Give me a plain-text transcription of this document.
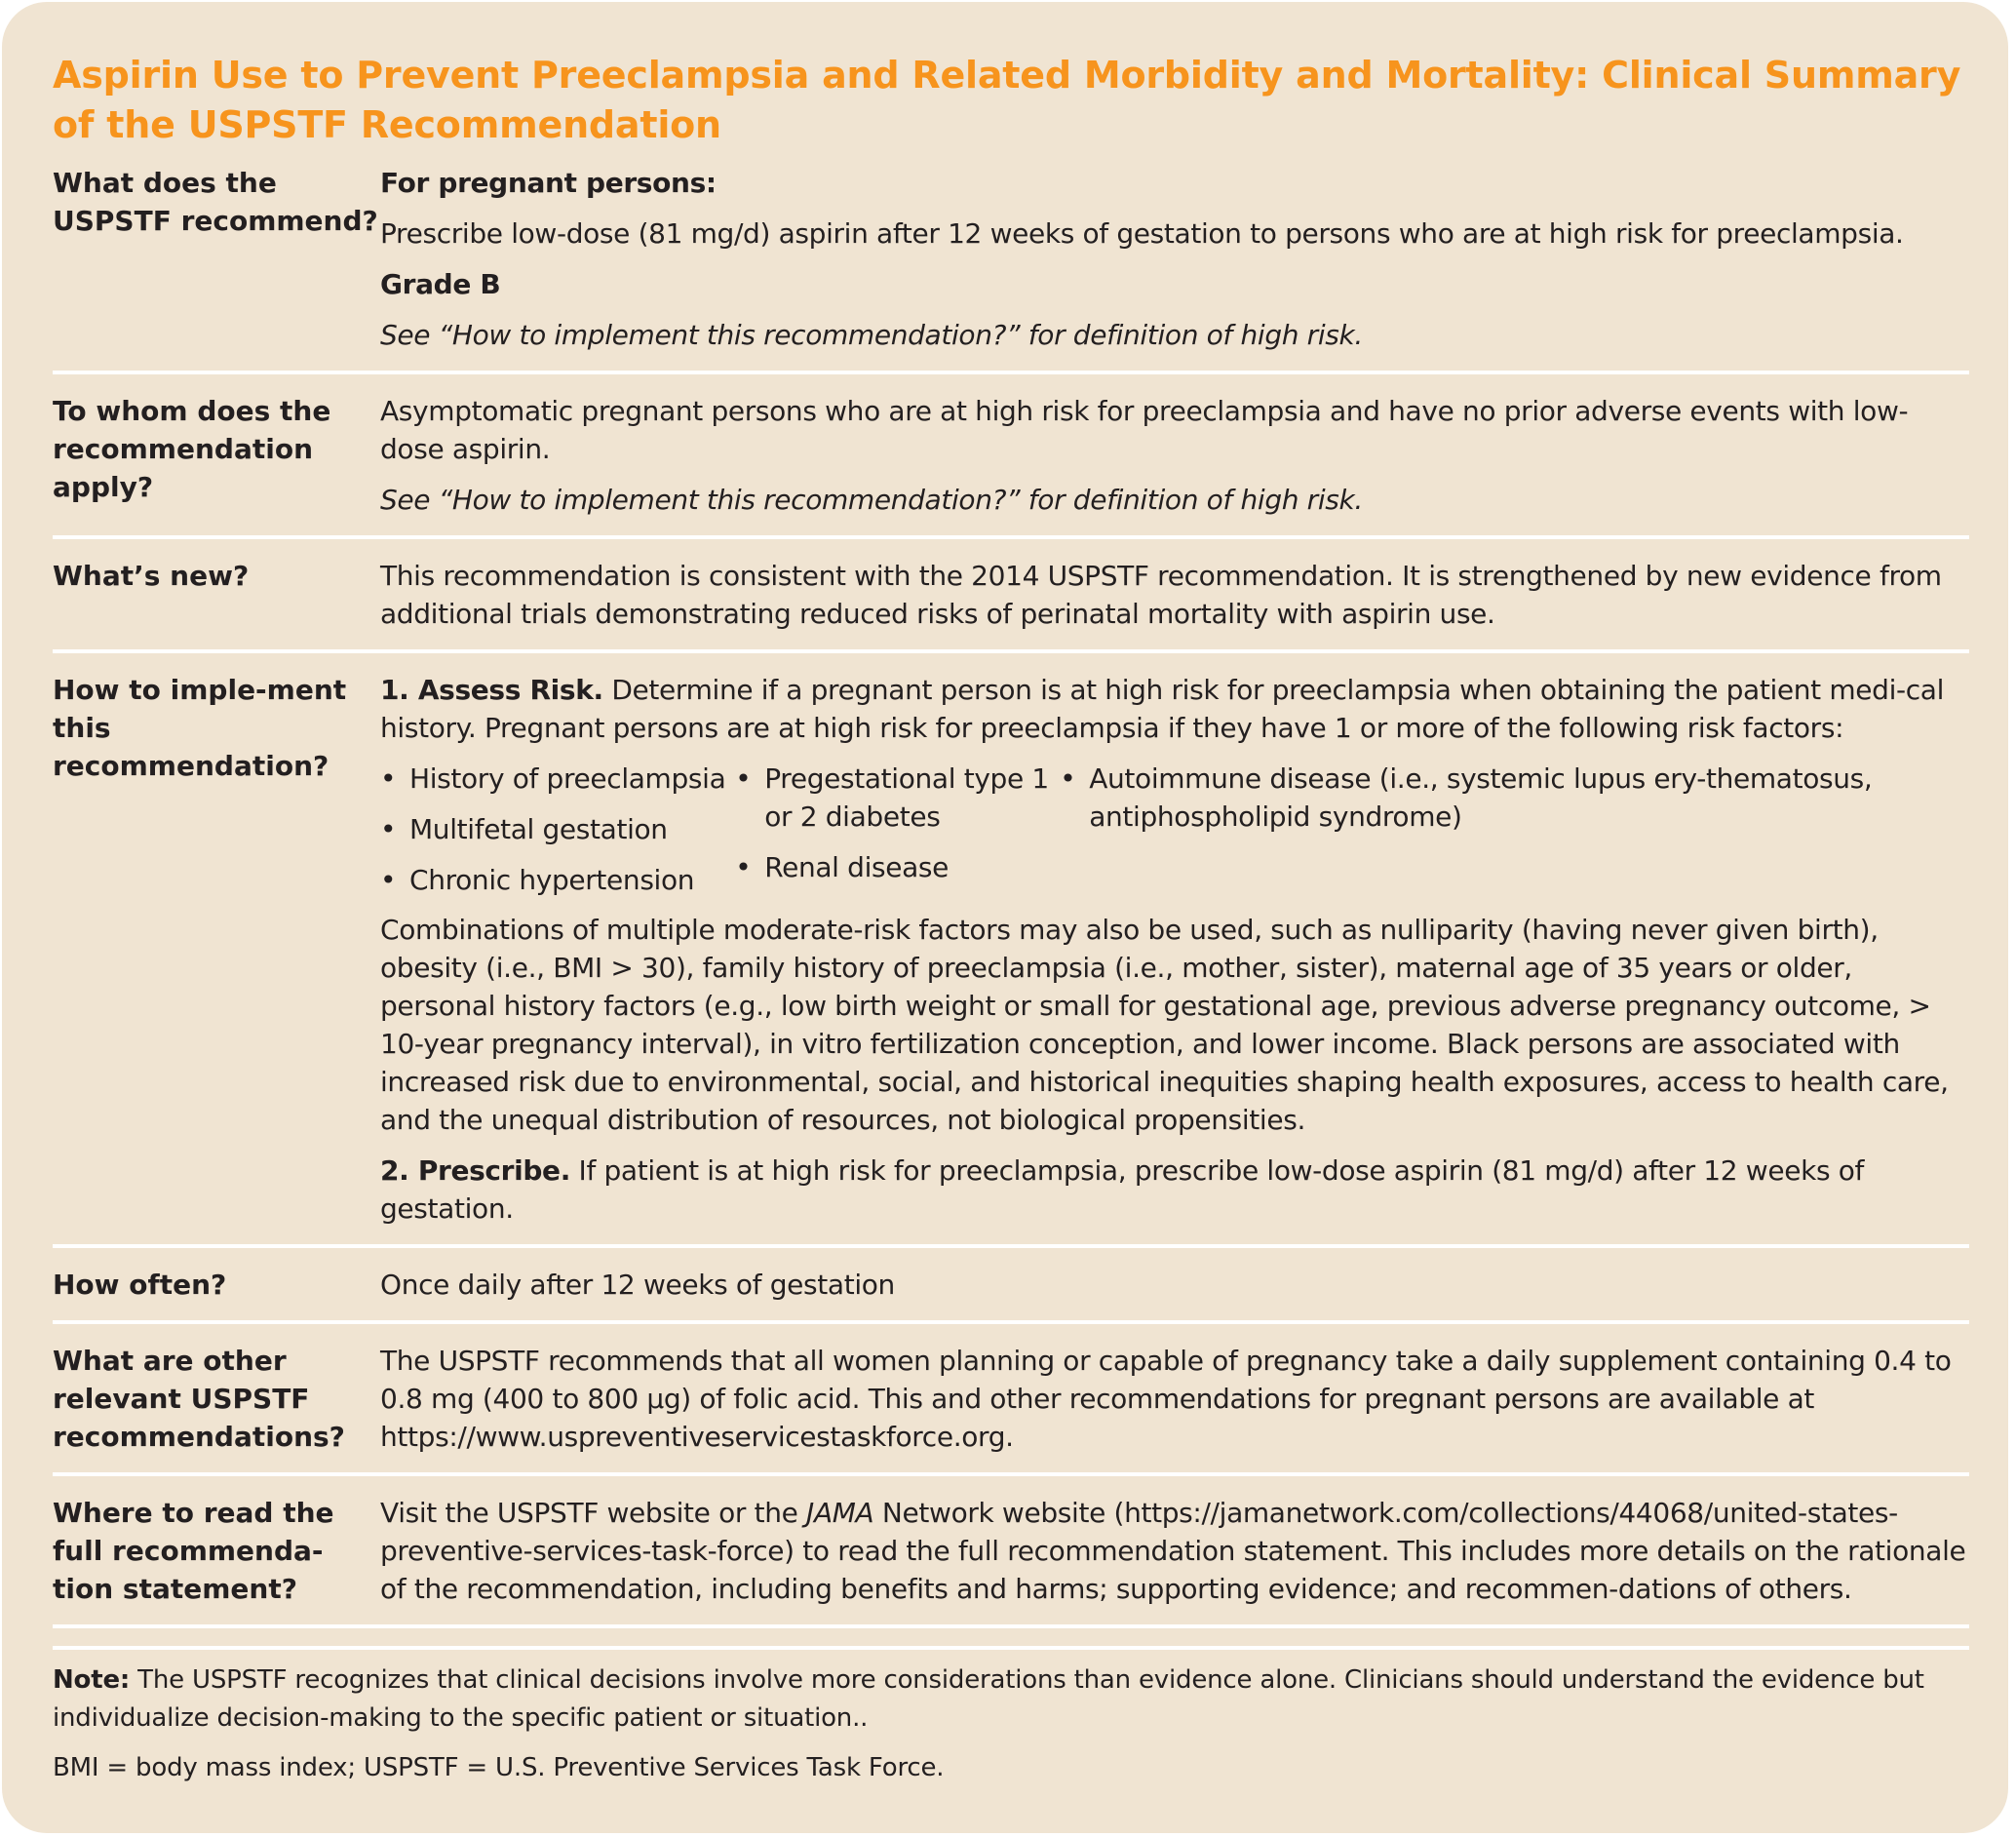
Aspirin Use to Prevent Preeclampsia and Related Morbidity and Mortality: Clinical Summary of the USPSTF Recommendation
What does the USPSTF recommend?

For pregnant persons:

Prescribe low-dose (81 mg/d) aspirin after 12 weeks of gestation to persons who are at high risk for preeclampsia.

Grade B

See “How to implement this recommendation?” for definition of high risk.

To whom does the recommendation apply?

Asymptomatic pregnant persons who are at high risk for preeclampsia and have no prior adverse events with low-dose aspirin.

See “How to implement this recommendation?” for definition of high risk.

What’s new?	This recommendation is consistent with the 2014 USPSTF recommendation. It is strengthened by new evidence from additional trials demonstrating reduced risks of perinatal mortality with aspirin use.

How to imple-ment this recommendation?

1. Assess Risk. Determine if a pregnant person is at high risk for preeclampsia when obtaining the patient medi-cal history. Pregnant persons are at high risk for preeclampsia if they have 1 or more of the following risk factors:

• History of preeclampsia
• Multifetal gestation
• Chronic hypertension
• Pregestational type 1 or 2 diabetes
• Renal disease
• Autoimmune disease (i.e., systemic lupus ery-thematosus, antiphospholipid syndrome)

Combinations of multiple moderate-risk factors may also be used, such as nulliparity (having never given birth), obesity (i.e., BMI > 30), family history of preeclampsia (i.e., mother, sister), maternal age of 35 years or older, personal history factors (e.g., low birth weight or small for gestational age, previous adverse pregnancy outcome, > 10-year pregnancy interval), in vitro fertilization conception, and lower income. Black persons are associated with increased risk due to environmental, social, and historical inequities shaping health exposures, access to health care, and the unequal distribution of resources, not biological propensities.

2. Prescribe. If patient is at high risk for preeclampsia, prescribe low-dose aspirin (81 mg/d) after 12 weeks of gestation.

How often?	Once daily after 12 weeks of gestation

What are other relevant USPSTF recommendations?

The USPSTF recommends that all women planning or capable of pregnancy take a daily supplement containing 0.4 to 0.8 mg (400 to 800 µg) of folic acid. This and other recommendations for pregnant persons are available at https://www.uspreventiveservicestaskforce.org.

Where to read the full recommenda-tion statement?

Visit the USPSTF website or the JAMA Network website (https://jamanetwork.com/collections/44068/united-states-preventive-services-task-force) to read the full recommendation statement. This includes more details on the rationale of the recommendation, including benefits and harms; supporting evidence; and recommen-dations of others.

Note: The USPSTF recognizes that clinical decisions involve more considerations than evidence alone. Clinicians should understand the evidence but individualize decision-making to the specific patient or situation..

BMI = body mass index; USPSTF = U.S. Preventive Services Task Force.
